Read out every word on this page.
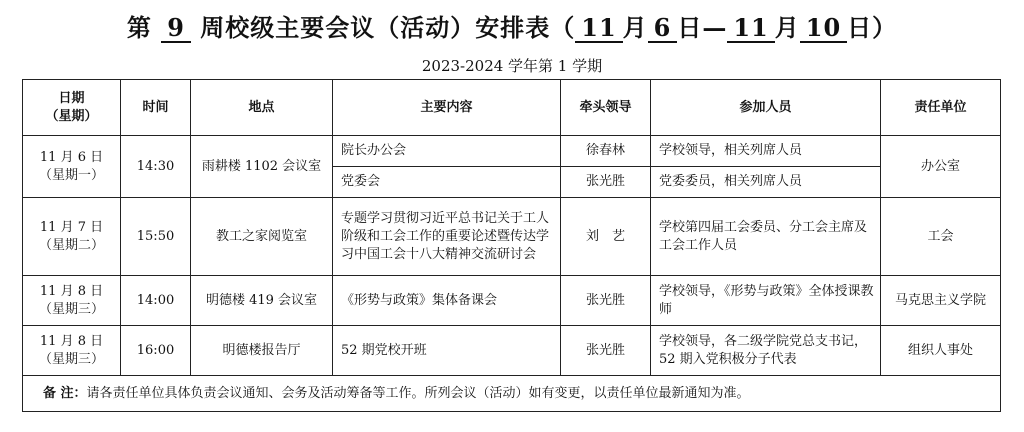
第 9 周校级主要会议（活动）安排表（ 11 月 6 日— 11 月 10 日）
2023-2024 学年第 1 学期
日期
（星期）	时间	地点	主要内容	牵头领导	参加人员	责任单位
11 月 6 日
（星期一）	14:30	雨耕楼 1102 会议室	院长办公会	徐春林	学校领导，相关列席人员	办公室
			党委会	张光胜	党委委员，相关列席人员	
11 月 7 日
（星期二）	15:50	教工之家阅览室	专题学习贯彻习近平总书记关于工人阶级和工会工作的重要论述暨传达学习中国工会十八大精神交流研讨会	刘　艺	学校第四届工会委员、分工会主席及工会工作人员	工会
11 月 8 日
（星期三）	14:00	明德楼 419 会议室	《形势与政策》集体备课会	张光胜	学校领导，《形势与政策》全体授课教师	马克思主义学院
11 月 8 日
（星期三）	16:00	明德楼报告厅	52 期党校开班	张光胜	学校领导，各二级学院党总支书记，52 期入党积极分子代表	组织人事处
备 注：请各责任单位具体负责会议通知、会务及活动筹备等工作。所列会议（活动）如有变更，以责任单位最新通知为准。						
